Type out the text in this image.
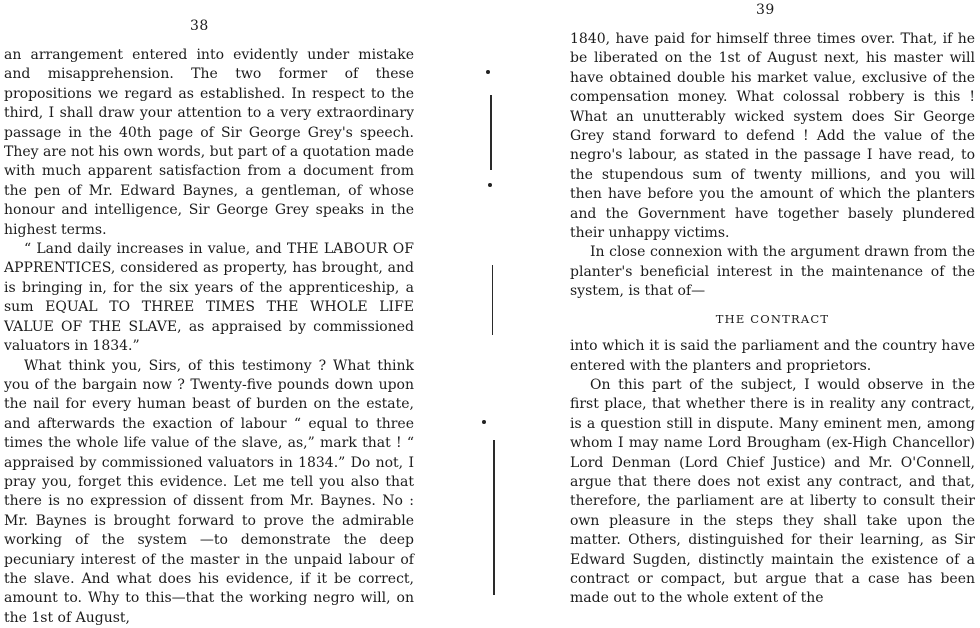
38

an arrangement entered into evidently under mistake and misapprehension. The two former of these propositions we regard as established. In respect to the third, I shall draw your attention to a very extraordinary passage in the 40th page of Sir George Grey's speech. They are not his own words, but part of a quotation made with much apparent satisfaction from a document from the pen of Mr. Edward Baynes, a gentleman, of whose honour and intelligence, Sir George Grey speaks in the highest terms.

“ Land daily increases in value, and THE LABOUR OF APPRENTICES, considered as property, has brought, and is bringing in, for the six years of the apprenticeship, a sum EQUAL TO THREE TIMES THE WHOLE LIFE VALUE OF THE SLAVE, as appraised by commissioned valuators in 1834.”

What think you, Sirs, of this testimony ? What think you of the bargain now ? Twenty-five pounds down upon the nail for every human beast of burden on the estate, and afterwards the exaction of labour “ equal to three times the whole life value of the slave, as,” mark that ! “ appraised by commissioned valuators in 1834.” Do not, I pray you, forget this evidence. Let me tell you also that there is no expression of dissent from Mr. Baynes. No : Mr. Baynes is brought forward to prove the admirable working of the system —to demonstrate the deep pecuniary interest of the master in the unpaid labour of the slave. And what does his evidence, if it be correct, amount to. Why to this—that the working negro will, on the 1st of August,

39

1840, have paid for himself three times over. That, if he be liberated on the 1st of August next, his master will have obtained double his market value, exclusive of the compensation money. What colossal robbery is this ! What an unutterably wicked system does Sir George Grey stand forward to defend ! Add the value of the negro's labour, as stated in the passage I have read, to the stupendous sum of twenty millions, and you will then have before you the amount of which the planters and the Government have together basely plundered their unhappy victims.

In close connexion with the argument drawn from the planter's beneficial interest in the maintenance of the system, is that of—

THE CONTRACT

into which it is said the parliament and the country have entered with the planters and proprietors.

On this part of the subject, I would observe in the first place, that whether there is in reality any contract, is a question still in dispute. Many eminent men, among whom I may name Lord Brougham (ex-High Chancellor) Lord Denman (Lord Chief Justice) and Mr. O'Connell, argue that there does not exist any contract, and that, therefore, the parliament are at liberty to consult their own pleasure in the steps they shall take upon the matter. Others, distinguished for their learning, as Sir Edward Sugden, distinctly maintain the existence of a contract or compact, but argue that a case has been made out to the whole extent of the
